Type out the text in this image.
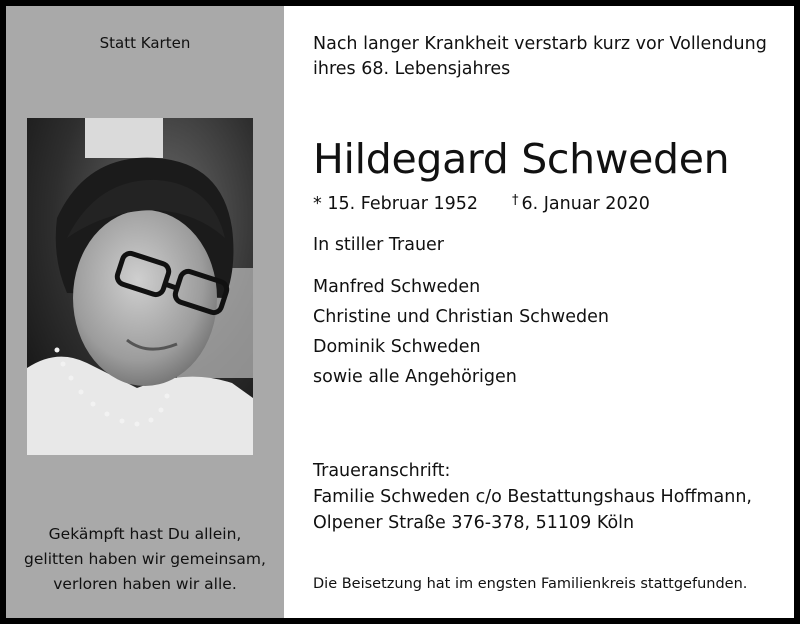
Statt Karten
Gekämpft hast Du allein,
gelitten haben wir gemeinsam,
verloren haben wir alle.
Nach langer Krankheit verstarb kurz vor Vollendung
ihres 68. Lebensjahres
Hildegard Schweden
* 15. Februar 1952	† 6. Januar 2020
In stiller Trauer
Manfred Schweden
Christine und Christian Schweden
Dominik Schweden
sowie alle Angehörigen
Traueranschrift:
Familie Schweden c/o Bestattungshaus Hoffmann,
Olpener Straße 376-378, 51109 Köln
Die Beisetzung hat im engsten Familienkreis stattgefunden.
